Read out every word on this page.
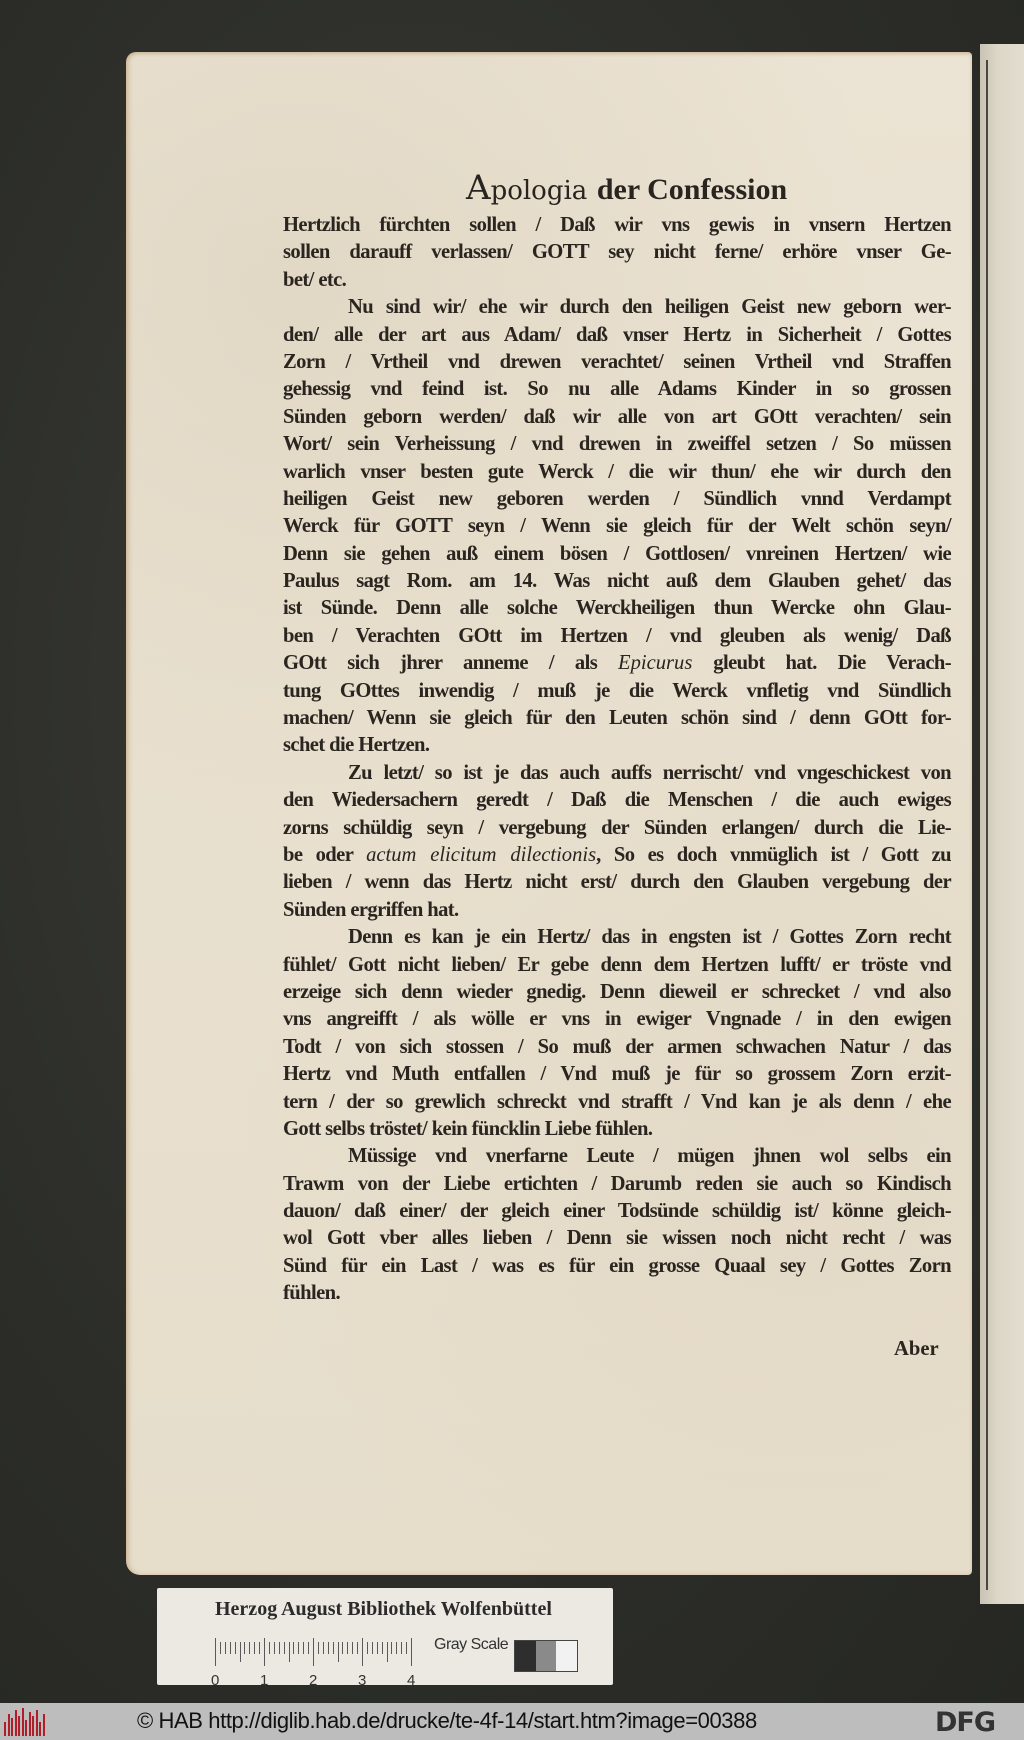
Apologia der Confession
Hertzlich fürchten sollen / Daß wir vns gewis in vnsern Hertzen
sollen darauff verlassen/ GOTT sey nicht ferne/ erhöre vnser Ge-
bet/ etc.
Nu sind wir/ ehe wir durch den heiligen Geist new geborn wer-
den/ alle der art aus Adam/ daß vnser Hertz in Sicherheit / Gottes
Zorn / Vrtheil vnd drewen verachtet/ seinen Vrtheil vnd Straffen
gehessig vnd feind ist. So nu alle Adams Kinder in so grossen
Sünden geborn werden/ daß wir alle von art GOtt verachten/ sein
Wort/ sein Verheissung / vnd drewen in zweiffel setzen / So müssen
warlich vnser besten gute Werck / die wir thun/ ehe wir durch den
heiligen Geist new geboren werden / Sündlich vnnd Verdampt
Werck für GOTT seyn / Wenn sie gleich für der Welt schön seyn/
Denn sie gehen auß einem bösen / Gottlosen/ vnreinen Hertzen/ wie
Paulus sagt Rom. am 14. Was nicht auß dem Glauben gehet/ das
ist Sünde. Denn alle solche Werckheiligen thun Wercke ohn Glau-
ben / Verachten GOtt im Hertzen / vnd gleuben als wenig/ Daß
GOtt sich jhrer anneme / als Epicurus gleubt hat. Die Verach-
tung GOttes inwendig / muß je die Werck vnfletig vnd Sündlich
machen/ Wenn sie gleich für den Leuten schön sind / denn GOtt for-
schet die Hertzen.
Zu letzt/ so ist je das auch auffs nerrischt/ vnd vngeschickest von
den Wiedersachern geredt / Daß die Menschen / die auch ewiges
zorns schüldig seyn / vergebung der Sünden erlangen/ durch die Lie-
be oder actum elicitum dilectionis, So es doch vnmüglich ist / Gott zu
lieben / wenn das Hertz nicht erst/ durch den Glauben vergebung der
Sünden ergriffen hat.
Denn es kan je ein Hertz/ das in engsten ist / Gottes Zorn recht
fühlet/ Gott nicht lieben/ Er gebe denn dem Hertzen lufft/ er tröste vnd
erzeige sich denn wieder gnedig. Denn dieweil er schrecket / vnd also
vns angreifft / als wölle er vns in ewiger Vngnade / in den ewigen
Todt / von sich stossen / So muß der armen schwachen Natur / das
Hertz vnd Muth entfallen / Vnd muß je für so grossem Zorn erzit-
tern / der so grewlich schreckt vnd strafft / Vnd kan je als denn / ehe
Gott selbs tröstet/ kein füncklin Liebe fühlen.
Müssige vnd vnerfarne Leute / mügen jhnen wol selbs ein
Trawm von der Liebe ertichten / Darumb reden sie auch so Kindisch
dauon/ daß einer/ der gleich einer Todsünde schüldig ist/ könne gleich-
wol Gott vber alles lieben / Denn sie wissen noch nicht recht / was
Sünd für ein Last / was es für ein grosse Quaal sey / Gottes Zorn
fühlen.
Aber
Herzog August Bibliothek Wolfenbüttel
0	1	2	3	4
Gray Scale
© HAB http://diglib.hab.de/drucke/te-4f-14/start.htm?image=00388	DFG
